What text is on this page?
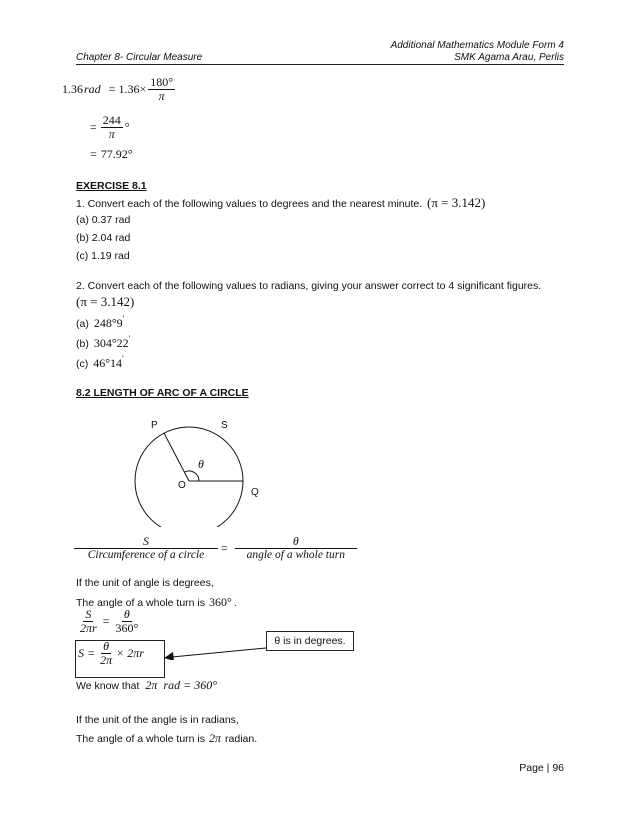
Additional Mathematics Module Form 4
Chapter 8- Circular Measure	SMK Agama Arau, Perlis
1.36 rad = $1.36\times \frac{180^\circ}{\pi}$
= $\frac{244}{\pi}$ °
= 77.92°
EXERCISE 8.1
1. Convert each of the following values to degrees and the nearest minute. (π = 3.142)
(a) 0.37 rad
(b) 2.04 rad
(c) 1.19 rad
2. Convert each of the following values to radians, giving your answer correct to 4 significant figures.
(π = 3.142)
(a) 248°9 '
(b) 304°22 '
(c) 46°14 '
8.2 LENGTH OF ARC OF A CIRCLE
P	S
θ
O
Q
$\frac{S}{\text{Circumference of a circle}} = \frac{\theta}{\text{angle of a whole turn}}$
If the unit of angle is degrees,
The angle of a whole turn is 360° .
$\frac{S}{2\pi r} = \frac{\theta}{360^\circ}$
$S = \frac{\theta}{2\pi} \times 2\pi r$
θ is in degrees.
We know that 2π  rad = 360°
If the unit of the angle is in radians,
The angle of a whole turn is 2π radian.
Page | 96
